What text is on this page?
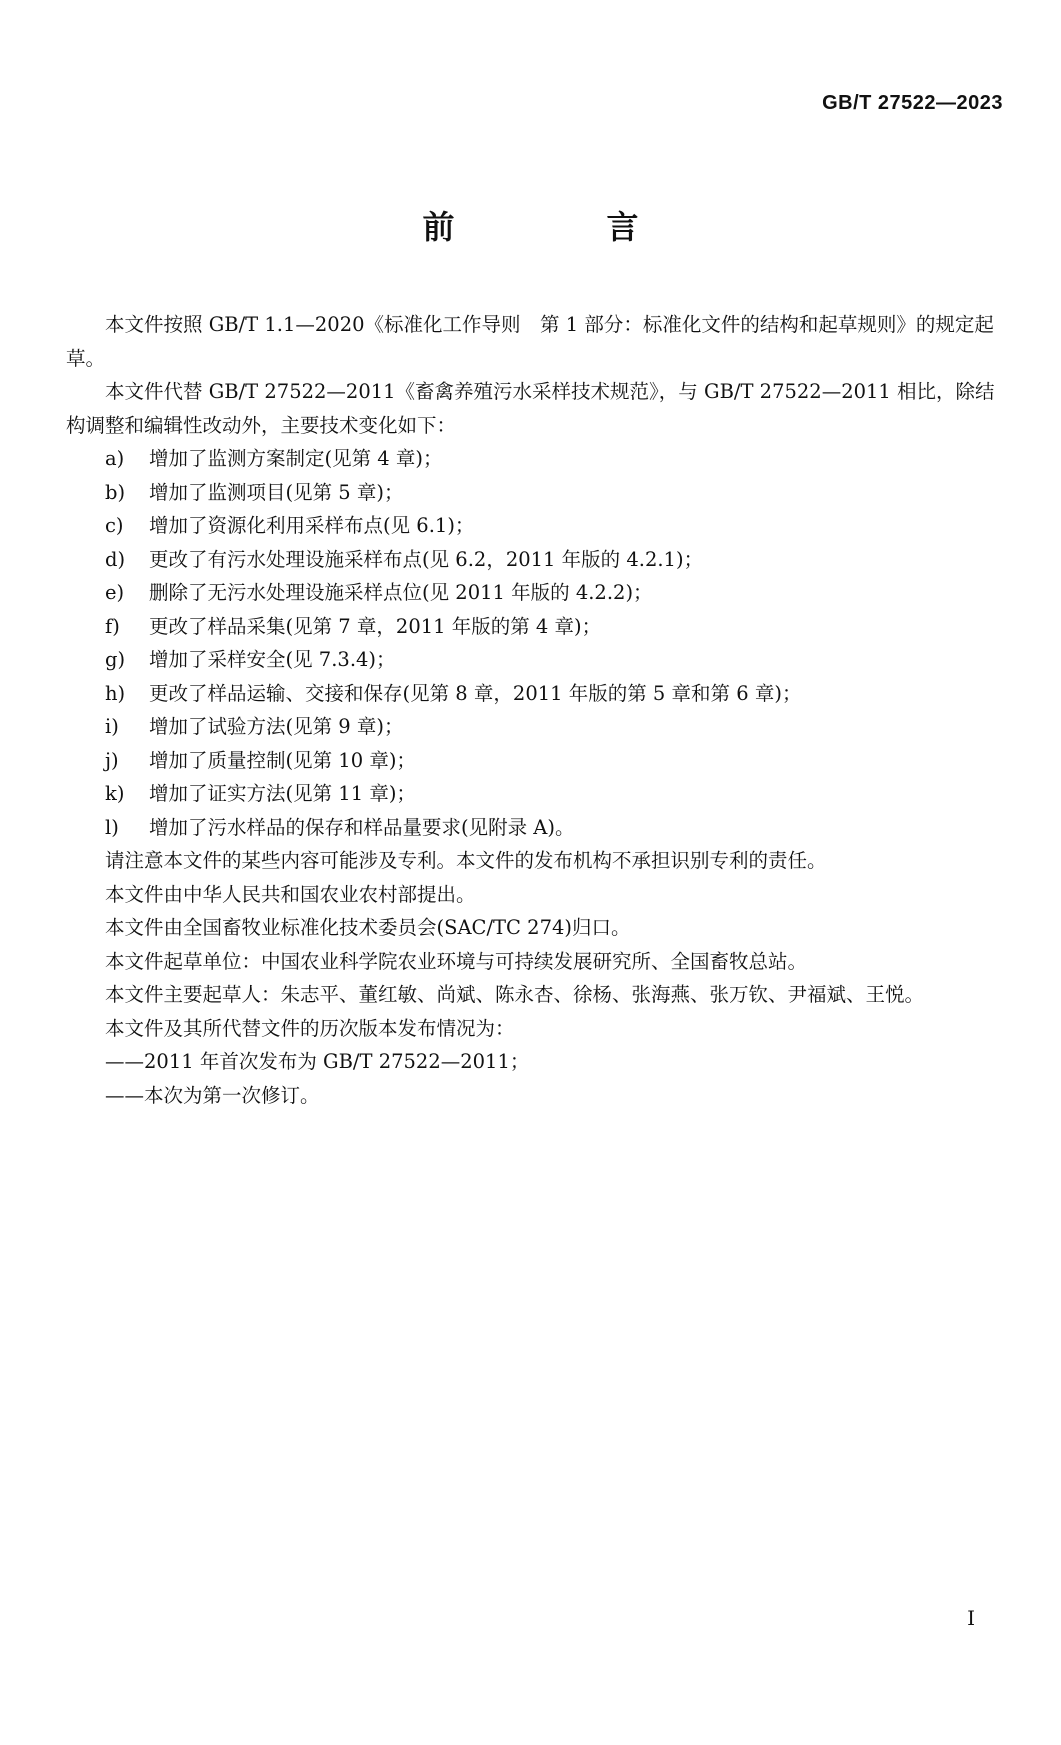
GB/T 27522—2023
前　言

本文件按照 GB/T 1.1—2020《标准化工作导则　第 1 部分：标准化文件的结构和起草规则》的规定起草。

本文件代替 GB/T 27522—2011《畜禽养殖污水采样技术规范》，与 GB/T 27522—2011 相比，除结构调整和编辑性改动外，主要技术变化如下：

a)	增加了监测方案制定(见第 4 章)；

b)	增加了监测项目(见第 5 章)；

c)	增加了资源化利用采样布点(见 6.1)；

d)	更改了有污水处理设施采样布点(见 6.2，2011 年版的 4.2.1)；

e)	删除了无污水处理设施采样点位(见 2011 年版的 4.2.2)；

f)	更改了样品采集(见第 7 章，2011 年版的第 4 章)；

g)	增加了采样安全(见 7.3.4)；

h)	更改了样品运输、交接和保存(见第 8 章，2011 年版的第 5 章和第 6 章)；

i)	增加了试验方法(见第 9 章)；

j)	增加了质量控制(见第 10 章)；

k)	增加了证实方法(见第 11 章)；

l)	增加了污水样品的保存和样品量要求(见附录 A)。

请注意本文件的某些内容可能涉及专利。本文件的发布机构不承担识别专利的责任。

本文件由中华人民共和国农业农村部提出。

本文件由全国畜牧业标准化技术委员会(SAC/TC 274)归口。

本文件起草单位：中国农业科学院农业环境与可持续发展研究所、全国畜牧总站。

本文件主要起草人：朱志平、董红敏、尚斌、陈永杏、徐杨、张海燕、张万钦、尹福斌、王悦。

本文件及其所代替文件的历次版本发布情况为：

——2011 年首次发布为 GB/T 27522—2011；

——本次为第一次修订。

I
